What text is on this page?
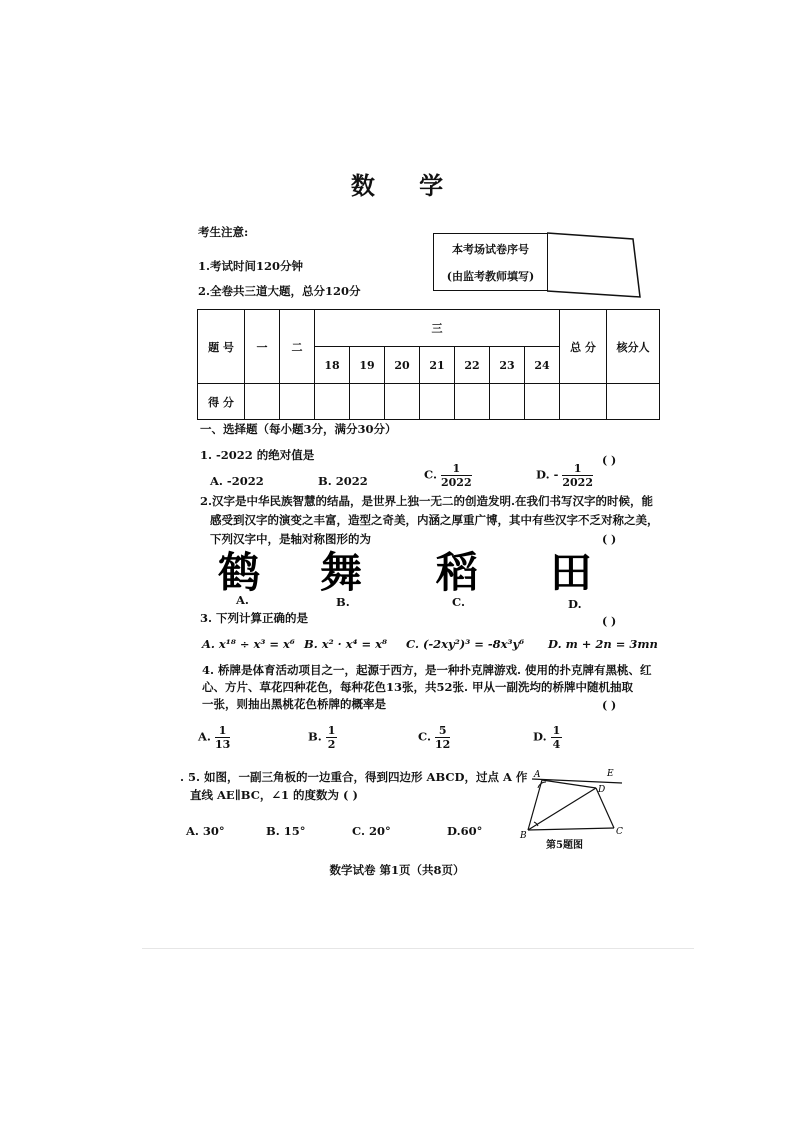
数 学
考生注意:
1.考试时间120分钟
2.全卷共三道大题，总分120分
本考场试卷序号
(由监考教师填写)
题 号	一	二	三							总 分	核分人
			18	19	20	21	22	23	24		
得 分											
一、选择题（每小题3分，满分30分）
1. -2022 的绝对值是	( )
A. -2022	B. 2022	C. $\frac{1}{2022}$	D. - $\frac{1}{2022}$
2.汉字是中华民族智慧的结晶，是世界上独一无二的创造发明.在我们书写汉字的时候，能
感受到汉字的演变之丰富，造型之奇美，内涵之厚重广博，其中有些汉字不乏对称之美，
下列汉字中，是轴对称图形的为	( )
鹤 舞 稻 田
A.	B.	C.	D.
3. 下列计算正确的是	( )
A. x¹⁸ ÷ x³ = x⁶ B. x² · x⁴ = x⁸ C. (-2xy²)³ = -8x³y⁶ D. m + 2n = 3mn
4. 桥牌是体育活动项目之一，起源于西方，是一种扑克牌游戏. 使用的扑克牌有黑桃、红
心、方片、草花四种花色，每种花色13张，共52张. 甲从一副洗均的桥牌中随机抽取
一张，则抽出黑桃花色桥牌的概率是	( )
A. $\frac{1}{13}$	B. $\frac{1}{2}$	C. $\frac{5}{12}$	D. $\frac{1}{4}$
. 5. 如图，一副三角板的一边重合，得到四边形 ABCD，过点 A 作
直线 AE∥BC，∠1 的度数为 ( )
A. 30°	B. 15°	C. 20°	D.60°
A	E
D
B	C
第5题图
数学试卷 第1页（共8页）
